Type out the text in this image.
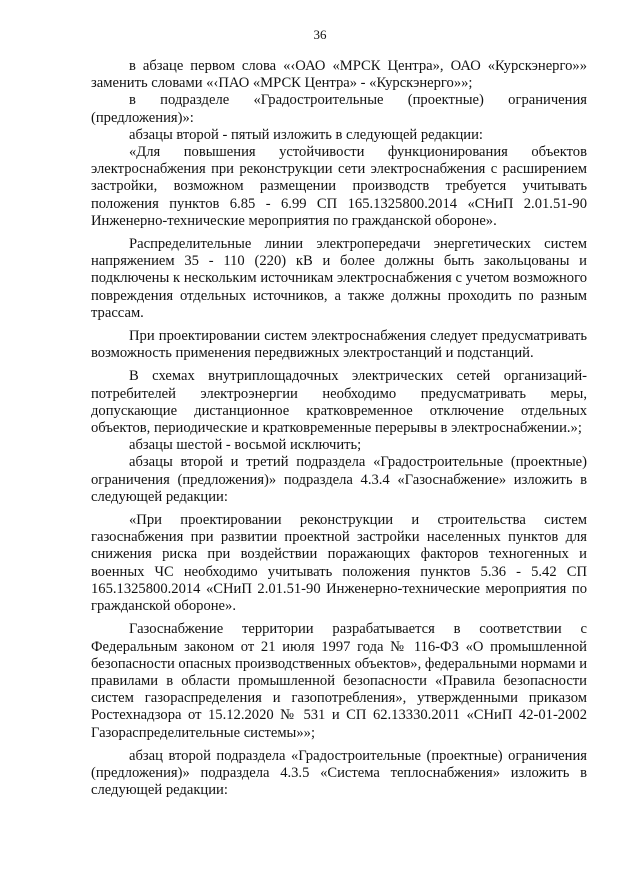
36

в абзаце первом слова «‹ОАО «МРСК Центра», ОАО «Курскэнерго»» заменить словами «‹ПАО «МРСК Центра» - «Курскэнерго»»;

в подразделе «Градостроительные (проектные) ограничения (предложения)»:

абзацы второй - пятый изложить в следующей редакции:

«Для повышения устойчивости функционирования объектов электроснабжения при реконструкции сети электроснабжения с расширением застройки, возможном размещении производств требуется учитывать положения пунктов 6.85 - 6.99 СП 165.1325800.2014 «СНиП 2.01.51-90 Инженерно-технические мероприятия по гражданской обороне».

Распределительные линии электропередачи энергетических систем напряжением 35 - 110 (220) кВ и более должны быть закольцованы и подключены к нескольким источникам электроснабжения с учетом возможного повреждения отдельных источников, а также должны проходить по разным трассам.

При проектировании систем электроснабжения следует предусматривать возможность применения передвижных электростанций и подстанций.

В схемах внутриплощадочных электрических сетей организаций-потребителей электроэнергии необходимо предусматривать меры, допускающие дистанционное кратковременное отключение отдельных объектов, периодические и кратковременные перерывы в электроснабжении.»;

абзацы шестой - восьмой исключить;

абзацы второй и третий подраздела «Градостроительные (проектные) ограничения (предложения)» подраздела 4.3.4 «Газоснабжение» изложить в следующей редакции:

«При проектировании реконструкции и строительства систем газоснабжения при развитии проектной застройки населенных пунктов для снижения риска при воздействии поражающих факторов техногенных и военных ЧС необходимо учитывать положения пунктов 5.36 - 5.42 СП 165.1325800.2014 «СНиП 2.01.51-90 Инженерно-технические мероприятия по гражданской обороне».

Газоснабжение территории разрабатывается в соответствии с Федеральным законом от 21 июля 1997 года № 116-ФЗ «О промышленной безопасности опасных производственных объектов», федеральными нормами и правилами в области промышленной безопасности «Правила безопасности систем газораспределения и газопотребления», утвержденными приказом Ростехнадзора от 15.12.2020 № 531 и СП 62.13330.2011 «СНиП 42-01-2002 Газораспределительные системы»»;

абзац второй подраздела «Градостроительные (проектные) ограничения (предложения)» подраздела 4.3.5 «Система теплоснабжения» изложить в следующей редакции:
